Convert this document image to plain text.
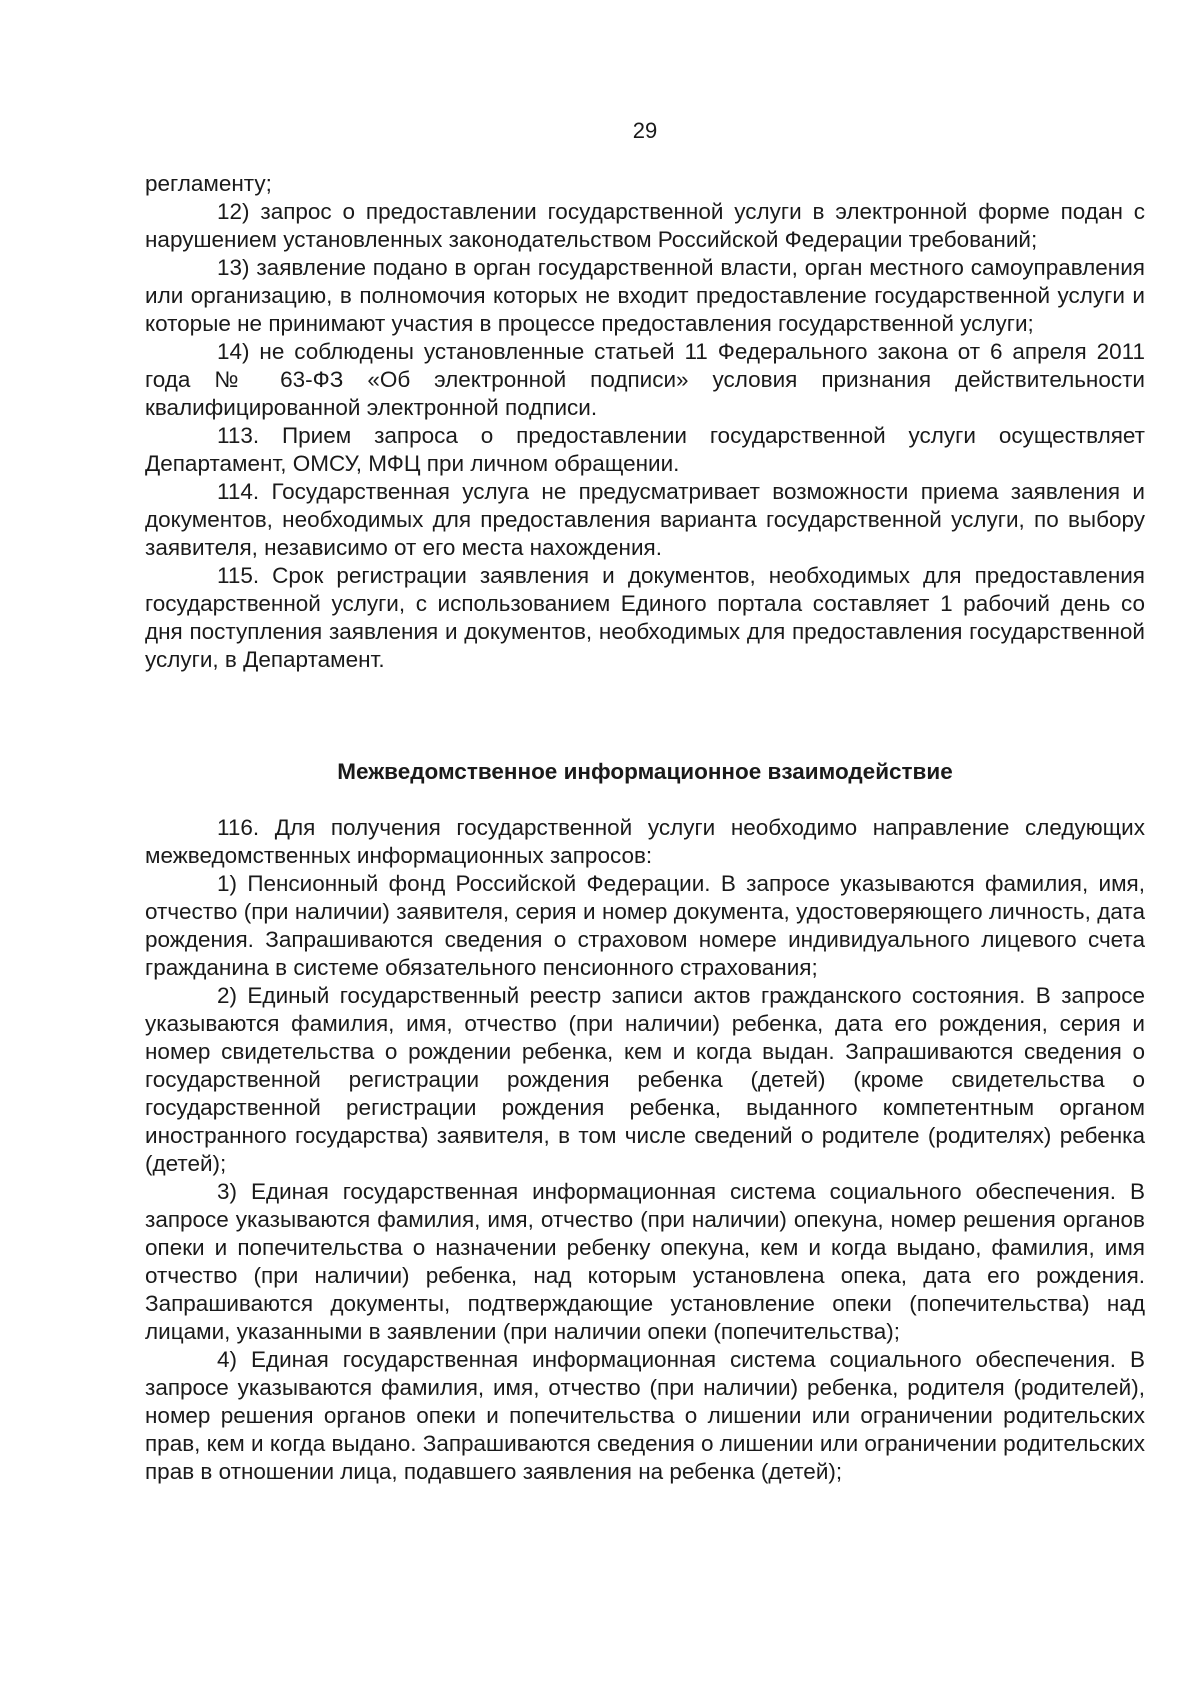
29

регламенту;

12) запрос о предоставлении государственной услуги в электронной форме подан с нарушением установленных законодательством Российской Федерации требований;

13) заявление подано в орган государственной власти, орган местного самоуправления или организацию, в полномочия которых не входит предоставление государственной услуги и которые не принимают участия в процессе предоставления государственной услуги;

14) не соблюдены установленные статьей 11 Федерального закона от 6 апреля 2011 года № 63-ФЗ «Об электронной подписи» условия признания действительности квалифицированной электронной подписи.

113. Прием запроса о предоставлении государственной услуги осуществляет Департамент, ОМСУ, МФЦ при личном обращении.

114. Государственная услуга не предусматривает возможности приема заявления и документов, необходимых для предоставления варианта государственной услуги, по выбору заявителя, независимо от его места нахождения.

115. Срок регистрации заявления и документов, необходимых для предоставления государственной услуги, с использованием Единого портала составляет 1 рабочий день со дня поступления заявления и документов, необходимых для предоставления государственной услуги, в Департамент.

Межведомственное информационное взаимодействие

116. Для получения государственной услуги необходимо направление следующих межведомственных информационных запросов:

1) Пенсионный фонд Российской Федерации. В запросе указываются фамилия, имя, отчество (при наличии) заявителя, серия и номер документа, удостоверяющего личность, дата рождения. Запрашиваются сведения о страховом номере индивидуального лицевого счета гражданина в системе обязательного пенсионного страхования;

2) Единый государственный реестр записи актов гражданского состояния. В запросе указываются фамилия, имя, отчество (при наличии) ребенка, дата его рождения, серия и номер свидетельства о рождении ребенка, кем и когда выдан. Запрашиваются сведения о государственной регистрации рождения ребенка (детей) (кроме свидетельства о государственной регистрации рождения ребенка, выданного компетентным органом иностранного государства) заявителя, в том числе сведений о родителе (родителях) ребенка (детей);

3) Единая государственная информационная система социального обеспечения. В запросе указываются фамилия, имя, отчество (при наличии) опекуна, номер решения органов опеки и попечительства о назначении ребенку опекуна, кем и когда выдано, фамилия, имя отчество (при наличии) ребенка, над которым установлена опека, дата его рождения. Запрашиваются документы, подтверждающие установление опеки (попечительства) над лицами, указанными в заявлении (при наличии опеки (попечительства);

4) Единая государственная информационная система социального обеспечения. В запросе указываются фамилия, имя, отчество (при наличии) ребенка, родителя (родителей), номер решения органов опеки и попечительства о лишении или ограничении родительских прав, кем и когда выдано. Запрашиваются сведения о лишении или ограничении родительских прав в отношении лица, подавшего заявления на ребенка (детей);
